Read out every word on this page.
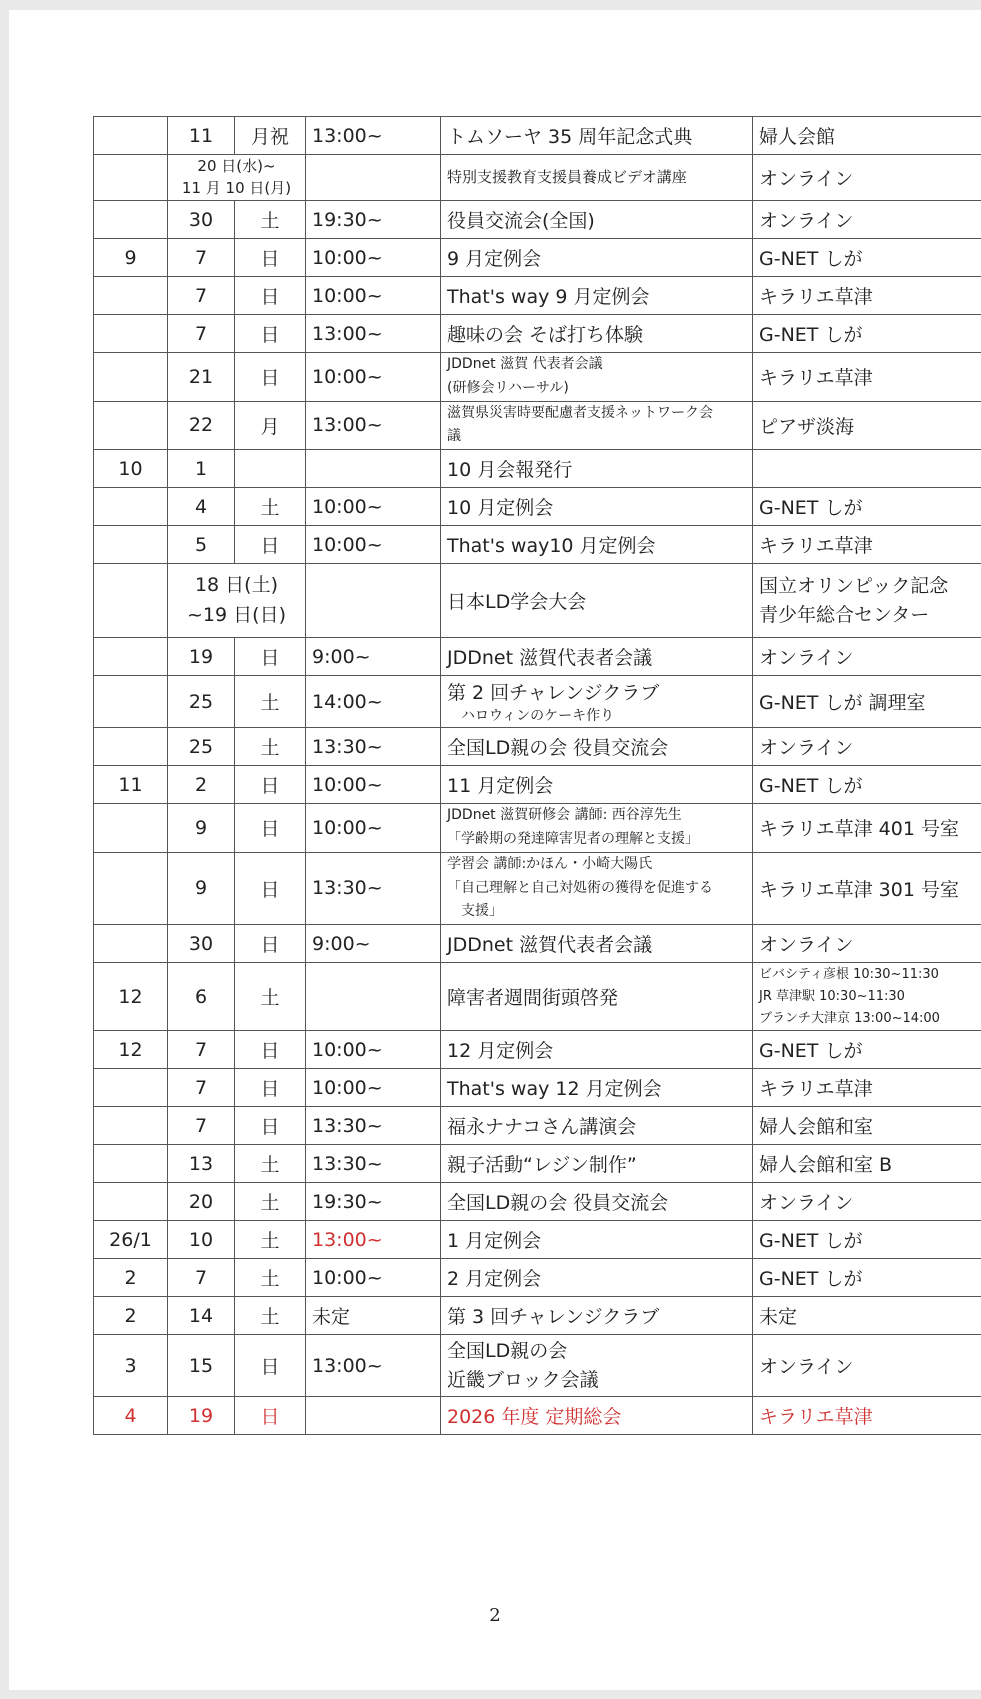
	11	月祝	13:00~	トムソーヤ 35 周年記念式典	婦人会館

	20 日(水)~
11 月 10 日(月)			特別支援教育支援員養成ビデオ講座	オンライン
	30	土	19:30~	役員交流会(全国)	オンライン
9	7	日	10:00~	9 月定例会	G-NET しが
	7	日	10:00~	That's way 9 月定例会	キラリエ草津
	7	日	13:00~	趣味の会 そば打ち体験	G-NET しが
	21	日	10:00~	JDDnet 滋賀 代表者会議
(研修会リハーサル)	キラリエ草津
	22	月	13:00~	滋賀県災害時要配慮者支援ネットワーク会
議	ピアザ淡海
10	1			10 月会報発行	
	4	土	10:00~	10 月定例会	G-NET しが
	5	日	10:00~	That's way10 月定例会	キラリエ草津

	18 日(土)
~19 日(日)			日本LD学会大会	国立オリンピック記念
青少年総合センター

	19	日	9:00~	JDDnet 滋賀代表者会議	オンライン
	25	土	14:00~	第 2 回チャレンジクラブ
ハロウィンのケーキ作り	G-NET しが 調理室
	25	土	13:30~	全国LD親の会 役員交流会	オンライン
11	2	日	10:00~	11 月定例会	G-NET しが
	9	日	10:00~	JDDnet 滋賀研修会 講師: 西谷淳先生
「学齢期の発達障害児者の理解と支援」	キラリエ草津 401 号室
	9	日	13:30~	学習会 講師:かほん・小崎大陽氏
「自己理解と自己対処術の獲得を促進する
支援」	キラリエ草津 301 号室
	30	日	9:00~	JDDnet 滋賀代表者会議	オンライン
12	6	土		障害者週間街頭啓発	ビバシティ彦根 10:30~11:30
JR 草津駅 10:30~11:30
ブランチ大津京 13:00~14:00

12	7	日	10:00~	12 月定例会	G-NET しが
	7	日	10:00~	That's way 12 月定例会	キラリエ草津
	7	日	13:30~	福永ナナコさん講演会	婦人会館和室
	13	土	13:30~	親子活動“レジン制作”	婦人会館和室 B
	20	土	19:30~	全国LD親の会 役員交流会	オンライン
26/1	10	土	13:00~	1 月定例会	G-NET しが
2	7	土	10:00~	2 月定例会	G-NET しが
2	14	土	未定	第 3 回チャレンジクラブ	未定
3	15	日	13:00~	全国LD親の会
近畿ブロック会議	オンライン
4	19	日		2026 年度 定期総会	キラリエ草津
2
